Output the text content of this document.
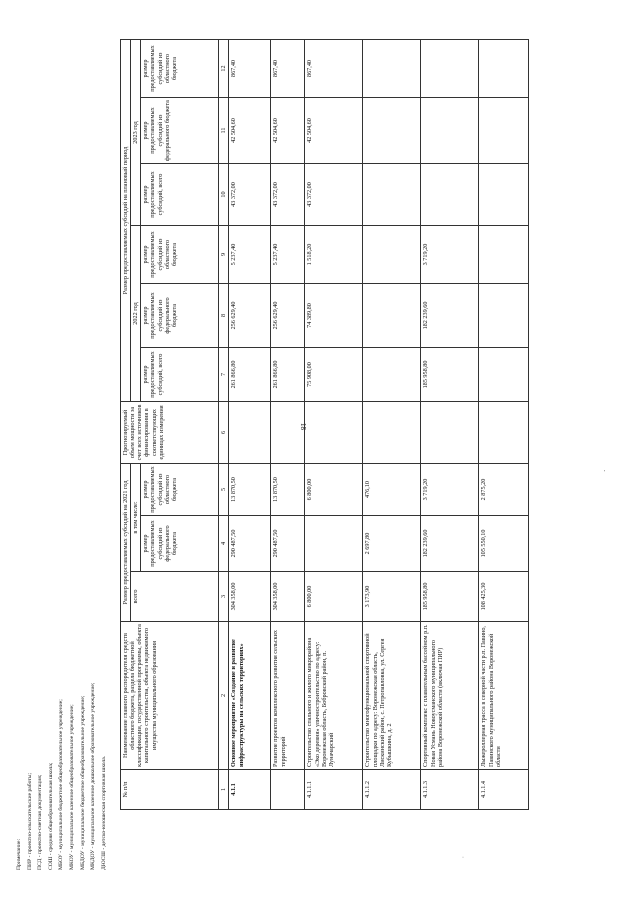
18
№ п/п	Наименование главного распорядителя средств областного бюджета, раздела бюджетной классификации, государственной программы, объекта капитального строительства, объекта недвижимого имущества муниципального образования	Размер предоставляемых субсидий на 2021 год			Прогнозируемый объем мощности за счет всех источников финансирования в соответствующих единицах измерения	Размер предоставляемых субсидий на плановый период					
		всего	в том числе:			2022 год			2023 год		
			размер предоставляемых субсидий из федерального бюджета	размер предоставляемых субсидий из областного бюджета		размер предоставляемых субсидий, всего	размер предоставляемых субсидий из федерального бюджета	размер предоставляемых субсидий из областного бюджета	размер предоставляемых субсидий, всего	размер предоставляемых субсидий из федерального бюджета	размер предоставляемых субсидий из областного бюджета
1	2	3	4	5	6	7	8	9	10	11	12
4.1.1	Основное мероприятие «Создание и развитие инфраструктуры на сельских территориях»	304 358,00	290 487,50	13 870,50		261 866,80	256 629,40	5 237,40	43 372,00	42 504,60	867,40
	Развитие проектов комплексного развития сельских территорий	304 358,00	290 487,50	13 870,50		261 866,80	256 629,40	5 237,40	43 372,00	42 504,60	867,40
4.1.1.1	Строительство спального и жилого микрорайона «Эко деревня» уличностроительство по адресу: Воронежская область, Бобровский район, п. Луначарский	6 800,00		6 800,00		75 908,00	74 389,80	1 518,20	43 372,00	42 504,60	867,40
4.1.1.2	Строительство многофункциональной спортивной площадки по адресу: Воронежская область, Лискинский район, с. Петропавловка, ул. Сергея Кубышкина, д. 2	3 173,90	2 697,80	476,10							
4.1.1.3	Спортивный комплекс с плавательным бассейном р.п. Новая Усмань Новоусманского муниципального района Воронежской области (включая ПИР)	185 958,80	182 239,60	3 719,20		185 958,80	182 239,60	3 719,20			
4.1.1.4	Лыжероллерная трасса в северной части р.п. Павино, Павинского муниципального района Воронежской области	108 425,30	105 550,10	2 875,20							
Примечание: ПИР - проектно-изыскательские работы; ПСД - проектно-сметная документация; СОШ - средняя общеобразовательная школа; МБОУ - муниципальное бюджетное общеобразовательное учреждение; МКОУ - муниципальное казенное общеобразовательное учреждение; МБДОУ - муниципальное бюджетное общеобразовательное учреждение; МКДОУ - муниципальное казенное дошкольное образовательное учреждение; ДЮСШ - детско-юношеская спортивная школа.
'
·
